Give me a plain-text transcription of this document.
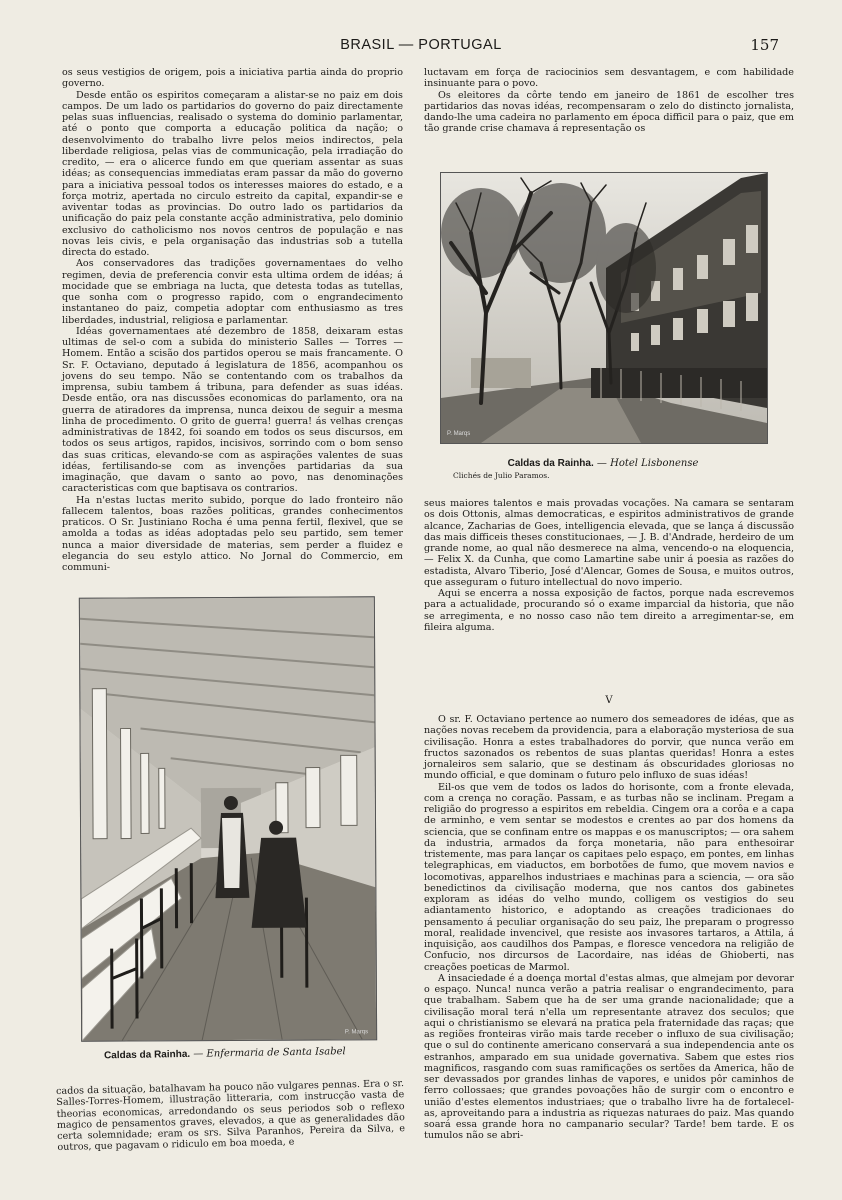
BRASIL — PORTUGAL	157

os seus vestigios de origem, pois a iniciativa partia ainda do proprio governo.

Desde então os espiritos começaram a alistar-se no paiz em dois campos. De um lado os partidarios do governo do paiz directamente pelas suas influencias, realisado o systema do dominio parlamentar, até o ponto que comporta a educação politica da nação; o desenvolvimento do trabalho livre pelos meios indirectos, pela liberdade religiosa, pelas vias de communicação, pela irradiação do credito, — era o alicerce fundo em que queriam assentar as suas idéas; as consequencias immediatas eram passar da mão do governo para a iniciativa pessoal todos os interesses maiores do estado, e a força motriz, apertada no circulo estreito da capital, expandir-se e aviventar todas as provincias. Do outro lado os partidarios da unificação do paiz pela constante acção administrativa, pelo dominio exclusivo do catholicismo nos novos centros de população e nas novas leis civis, e pela organisação das industrias sob a tutella directa do estado.

Aos conservadores das tradições governamentaes do velho regimen, devia de preferencia convir esta ultima ordem de idéas; á mocidade que se embriaga na lucta, que detesta todas as tutellas, que sonha com o progresso rapido, com o engrandecimento instantaneo do paiz, competia adoptar com enthusiasmo as tres liberdades, industrial, religiosa e parlamentar.

Idéas governamentaes até dezembro de 1858, deixaram estas ultimas de sel-o com a subida do ministerio Salles — Torres — Homem. Então a scisão dos partidos operou se mais francamente. O Sr. F. Octaviano, deputado á legislatura de 1856, acompanhou os jovens do seu tempo. Não se contentando com os trabalhos da imprensa, subiu tambem á tribuna, para defender as suas idéas. Desde então, ora nas discussões economicas do parlamento, ora na guerra de atiradores da imprensa, nunca deixou de seguir a mesma linha de procedimento. O grito de guerra! guerra! ás velhas crenças administrativas de 1842, foi soando em todos os seus discursos, em todos os seus artigos, rapidos, incisivos, sorrindo com o bom senso das suas criticas, elevando-se com as aspirações valentes de suas idéas, fertilisando-se com as invenções partidarias da sua imaginação, que davam o santo ao povo, nas denominações caracteristicas com que baptisava os contrarios.

Ha n'estas luctas merito subido, porque do lado fronteiro não fallecem talentos, boas razões politicas, grandes conhecimentos praticos. O Sr. Justiniano Rocha é uma penna fertil, flexivel, que se amolda a todas as idéas adoptadas pelo seu partido, sem temer nunca a maior diversidade de materias, sem perder a fluidez e elegancia do seu estylo attico. No Jornal do Commercio, em communi-

luctavam em força de raciocinios sem desvantagem, e com habilidade insinuante para o povo.

Os eleitores da côrte tendo em janeiro de 1861 de escolher tres partidarios das novas idéas, recompensaram o zelo do distincto jornalista, dando-lhe uma cadeira no parlamento em época difficil para o paiz, que em tão grande crise chamava á representação os

P. Marqs
Caldas da Rainha. — Hotel Lisbonense
Clichés de Julio Paramos.

seus maiores talentos e mais provadas vocações. Na camara se sentaram os dois Ottonis, almas democraticas, e espiritos administrativos de grande alcance, Zacharias de Goes, intelligencia elevada, que se lança á discussão das mais difficeis theses constitucionaes, — J. B. d'Andrade, herdeiro de um grande nome, ao qual não desmerece na alma, vencendo-o na eloquencia, — Felix X. da Cunha, que como Lamartine sabe unir á poesia as razões do estadista, Alvaro Tiberio, José d'Alencar, Gomes de Sousa, e muitos outros, que asseguram o futuro intellectual do novo imperio.

Aqui se encerra a nossa exposição de factos, porque nada escrevemos para a actualidade, procurando só o exame imparcial da historia, que não se arregimenta, e no nosso caso não tem direito a arregimentar-se, em fileira alguma.

V

O sr. F. Octaviano pertence ao numero dos semeadores de idéas, que as nações novas recebem da providencia, para a elaboração mysteriosa de sua civilisação. Honra a estes trabalhadores do porvir, que nunca verão em fructos sazonados os rebentos de suas plantas queridas! Honra a estes jornaleiros sem salario, que se destinam ás obscuridades gloriosas no mundo official, e que dominam o futuro pelo influxo de suas idéas!

Eil-os que vem de todos os lados do horisonte, com a fronte elevada, com a crença no coração. Passam, e as turbas não se inclinam. Pregam a religião do progresso a espiritos em rebeldia. Cingem ora a corôa e a capa de arminho, e vem sentar se modestos e crentes ao par dos homens da sciencia, que se confinam entre os mappas e os manuscriptos; — ora sahem da industria, armados da força monetaria, não para enthesoirar tristemente, mas para lançar os capitaes pelo espaço, em pontes, em linhas telegraphicas, em viaductos, em borbotões de fumo, que movem navios e locomotivas, apparelhos industriaes e machinas para a sciencia, — ora são benedictinos da civilisação moderna, que nos cantos dos gabinetes exploram as idéas do velho mundo, colligem os vestigios do seu adiantamento historico, e adoptando as creações tradicionaes do pensamento á peculiar organisação do seu paiz, lhe preparam o progresso moral, realidade invencivel, que resiste aos invasores tartaros, a Attila, á inquisição, aos caudilhos dos Pampas, e floresce vencedora na religião de Confucio, nos dircursos de Lacordaire, nas idéas de Ghioberti, nas creações poeticas de Marmol.

A insaciedade é a doença mortal d'estas almas, que almejam por devorar o espaço. Nunca! nunca verão a patria realisar o engrandecimento, para que trabalham. Sabem que ha de ser uma grande nacionalidade; que a civilisação moral terá n'ella um representante atravez dos seculos; que aqui o christianismo se elevará na pratica pela fraternidade das raças; que as regiões fronteiras virão mais tarde receber o influxo de sua civilisação; que o sul do continente americano conservará a sua independencia ante os estranhos, amparado em sua unidade governativa. Sabem que estes rios magnificos, rasgando com suas ramificações os sertões da America, hão de ser devassados por grandes linhas de vapores, e unidos pôr caminhos de ferro collossaes; que grandes povoações hão de surgir com o encontro e união d'estes elementos industriaes; que o trabalho livre ha de fortalecel-as, aproveitando para a industria as riquezas naturaes do paiz. Mas quando soará essa grande hora no campanario secular? Tarde! bem tarde. E os tumulos não se abri-

P. Marqs
Caldas da Rainha. — Enfermaria de Santa Isabel

cados da situação, batalhavam ha pouco não vulgares pennas. Era o sr. Salles-Torres-Homem, illustração litteraria, com instrucção vasta de theorias economicas, arredondando os seus periodos sob o reflexo magico de pensamentos graves, elevados, a que as generalidades dão certa solemnidade; eram os srs. Silva Paranhos, Pereira da Silva, e outros, que pagavam o ridiculo em boa moeda, e
